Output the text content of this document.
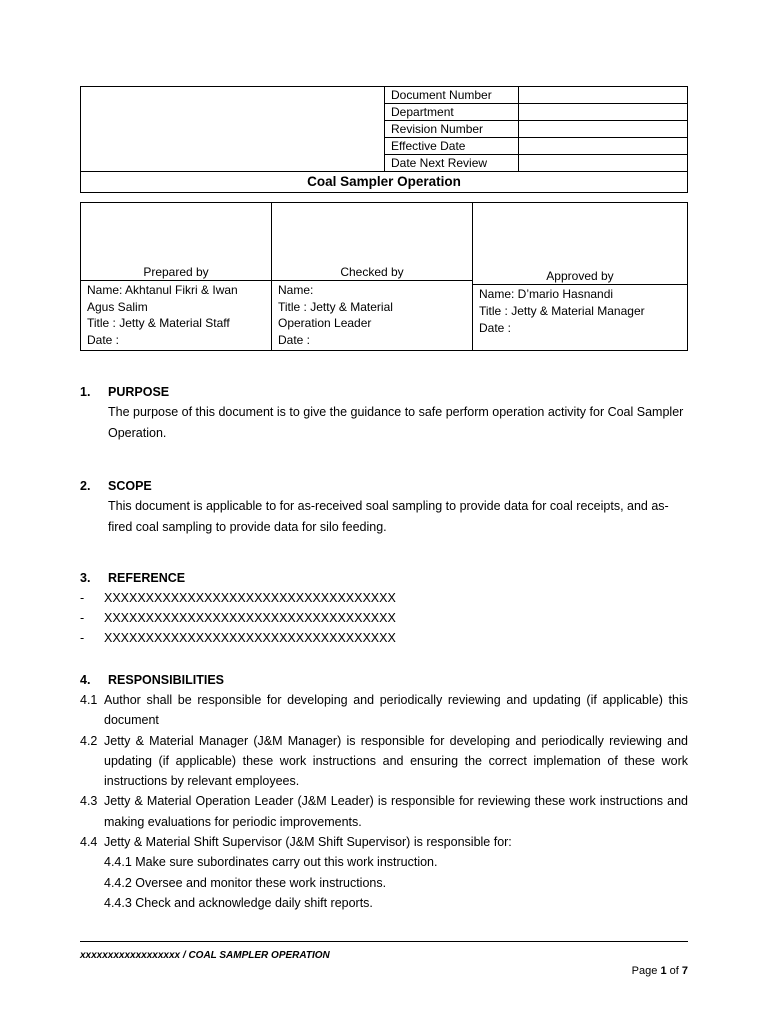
Document Number
Department
Revision Number
Effective Date
Date Next Review
Coal Sampler Operation
Prepared by
Name: Akhtanul Fikri & Iwan
Agus Salim
Title : Jetty & Material Staff
Date :
Checked by
Name:
Title : Jetty & Material
Operation Leader
Date :
Approved by
Name: D’mario Hasnandi
Title : Jetty & Material Manager
Date :
1.	PURPOSE
The purpose of this document is to give the guidance to safe perform operation activity for Coal Sampler Operation.
2.	SCOPE
This document is applicable to for as-received soal sampling to provide data for coal receipts, and as-fired coal sampling to provide data for silo feeding.
3.	REFERENCE
-	XXXXXXXXXXXXXXXXXXXXXXXXXXXXXXXXXXX
-	XXXXXXXXXXXXXXXXXXXXXXXXXXXXXXXXXXX
-	XXXXXXXXXXXXXXXXXXXXXXXXXXXXXXXXXXX
4.	RESPONSIBILITIES
4.1 Author shall be responsible for developing and periodically reviewing and updating (if applicable) this document
4.2 Jetty & Material Manager (J&M Manager) is responsible for developing and periodically reviewing and updating (if applicable) these work instructions and ensuring the correct implemation of these work instructions by relevant employees.
4.3 Jetty & Material Operation Leader (J&M Leader) is responsible for reviewing these work instructions and making evaluations for periodic improvements.
4.4 Jetty & Material Shift Supervisor (J&M Shift Supervisor) is responsible for:
4.4.1 Make sure subordinates carry out this work instruction.
4.4.2 Oversee and monitor these work instructions.
4.4.3 Check and acknowledge daily shift reports.
xxxxxxxxxxxxxxxxxx / COAL SAMPLER OPERATION
Page 1 of 7
